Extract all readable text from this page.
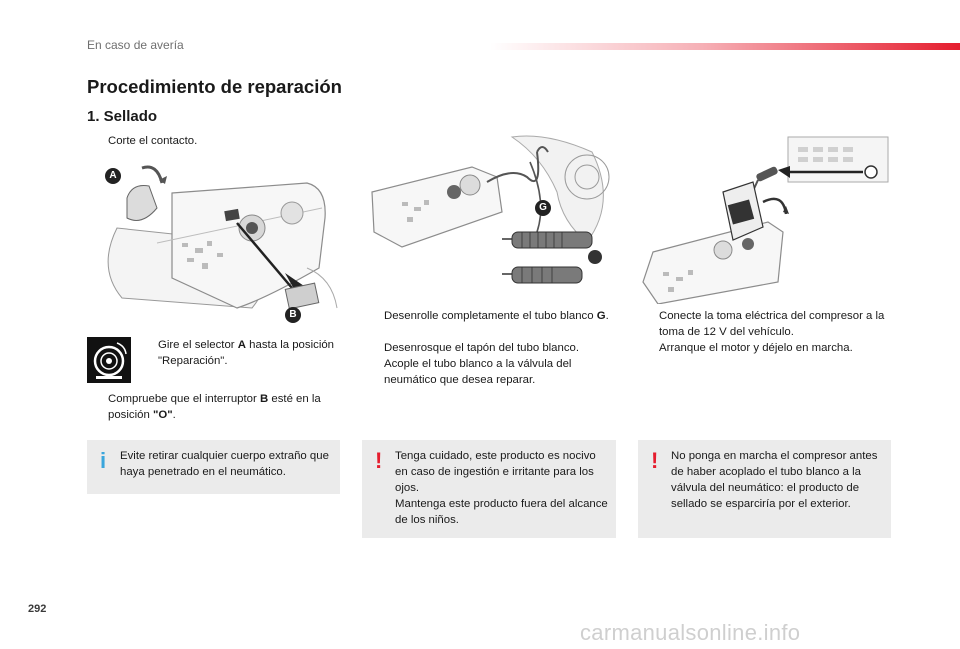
En caso de avería
Procedimiento de reparación
1. Sellado
Corte el contacto.
A
B
Gire el selector A hasta la posición "Reparación".
Compruebe que el interruptor B esté en la posición "O".
i Evite retirar cualquier cuerpo extraño que haya penetrado en el neumático.
G
Desenrolle completamente el tubo blanco G.
Desenrosque el tapón del tubo blanco.
Acople el tubo blanco a la válvula del neumático que desea reparar.
! Tenga cuidado, este producto es nocivo en caso de ingestión e irritante para los ojos.
Mantenga este producto fuera del alcance de los niños.
Conecte la toma eléctrica del compresor a la toma de 12 V del vehículo.
Arranque el motor y déjelo en marcha.
! No ponga en marcha el compresor antes de haber acoplado el tubo blanco a la válvula del neumático: el producto de sellado se esparciría por el exterior.
292
carmanualsonline.info
